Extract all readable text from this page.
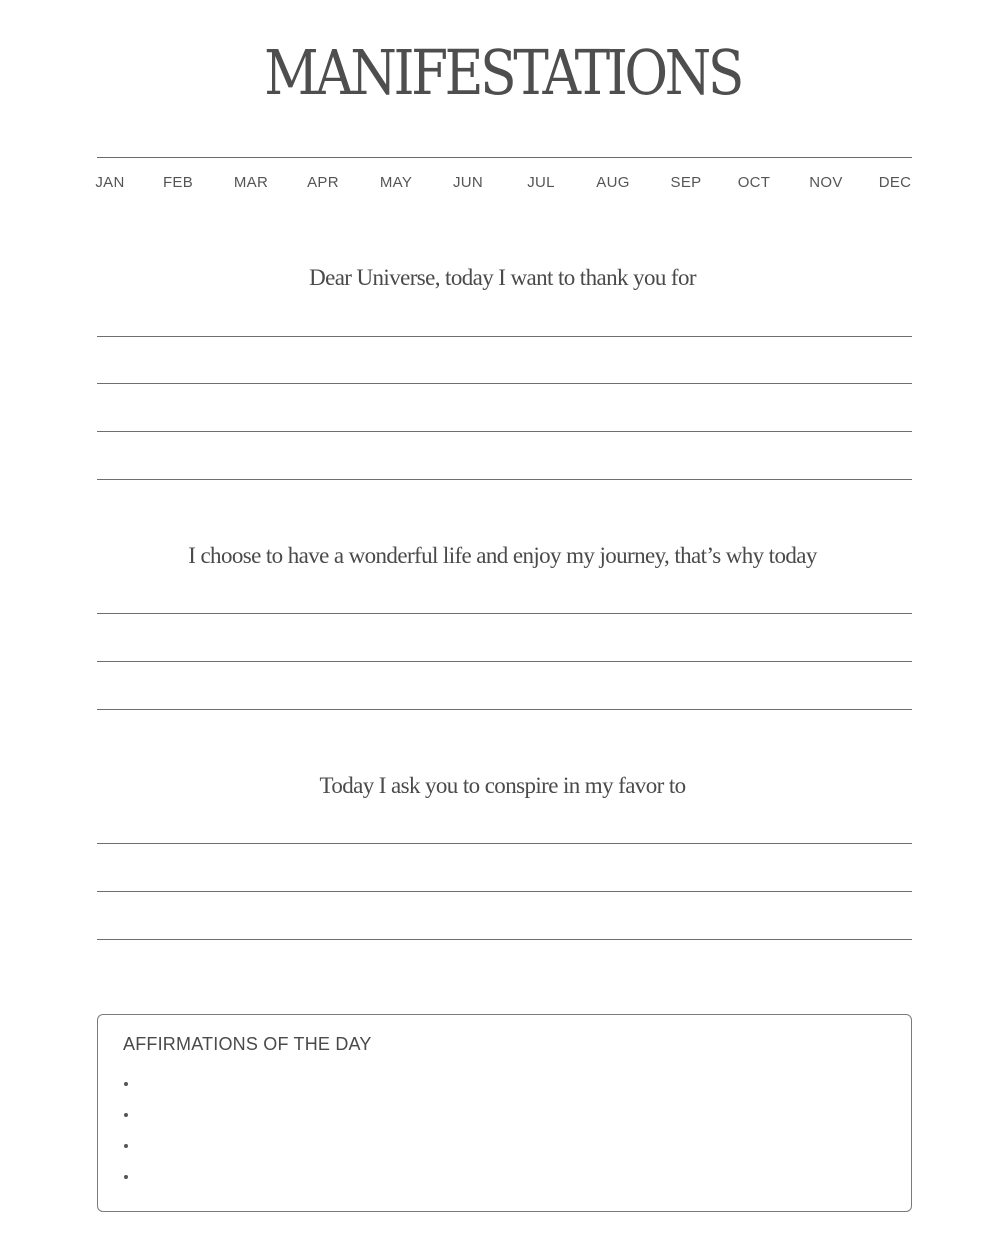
MANIFESTATIONS
JAN	FEB	MAR	APR	MAY	JUN	JUL	AUG	SEP OCT	NOV DEC
Dear Universe, today I want to thank you for
I choose to have a wonderful life and enjoy my journey, that’s why today
Today I ask you to conspire in my favor to
AFFIRMATIONS OF THE DAY
